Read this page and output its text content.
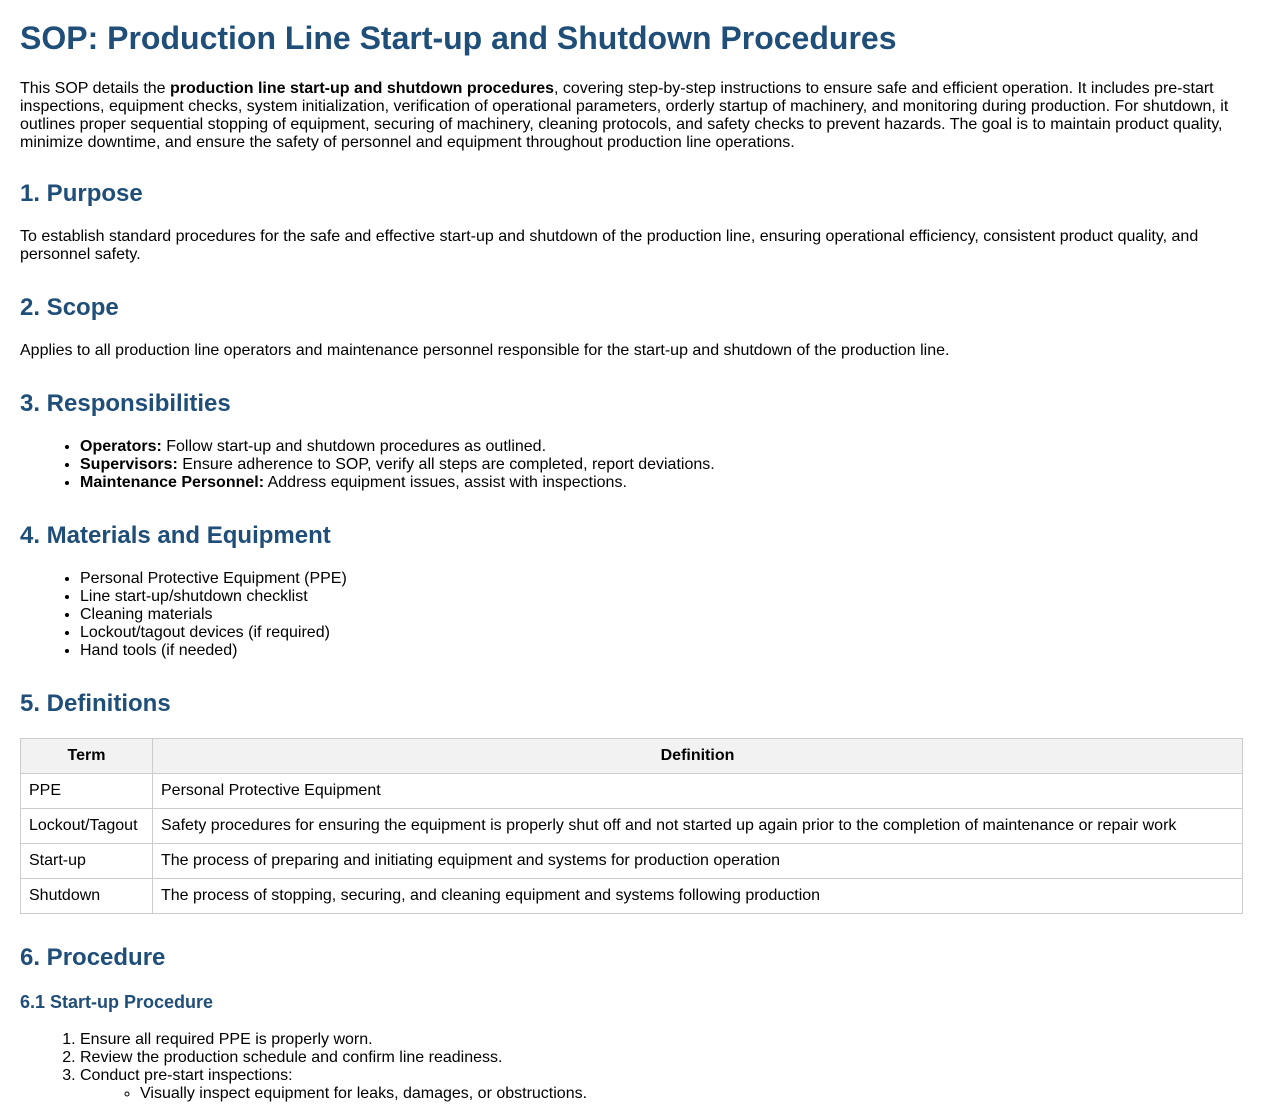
SOP: Production Line Start-up and Shutdown Procedures

This SOP details the production line start-up and shutdown procedures, covering step-by-step instructions to ensure safe and efficient operation. It includes pre-start inspections, equipment checks, system initialization, verification of operational parameters, orderly startup of machinery, and monitoring during production. For shutdown, it outlines proper sequential stopping of equipment, securing of machinery, cleaning protocols, and safety checks to prevent hazards. The goal is to maintain product quality, minimize downtime, and ensure the safety of personnel and equipment throughout production line operations.

1. Purpose

To establish standard procedures for the safe and effective start-up and shutdown of the production line, ensuring operational efficiency, consistent product quality, and personnel safety.

2. Scope

Applies to all production line operators and maintenance personnel responsible for the start-up and shutdown of the production line.

3. Responsibilities
• Operators: Follow start-up and shutdown procedures as outlined.
• Supervisors: Ensure adherence to SOP, verify all steps are completed, report deviations.
• Maintenance Personnel: Address equipment issues, assist with inspections.
4. Materials and Equipment
• Personal Protective Equipment (PPE)
• Line start-up/shutdown checklist
• Cleaning materials
• Lockout/tagout devices (if required)
• Hand tools (if needed)
5. Definitions
Term	Definition
PPE	Personal Protective Equipment
Lockout/Tagout	Safety procedures for ensuring the equipment is properly shut off and not started up again prior to the completion of maintenance or repair work
Start-up	The process of preparing and initiating equipment and systems for production operation
Shutdown	The process of stopping, securing, and cleaning equipment and systems following production
6. Procedure
6.1 Start-up Procedure
1. Ensure all required PPE is properly worn.
2. Review the production schedule and confirm line readiness.
3. Conduct pre-start inspections:
◦ Visually inspect equipment for leaks, damages, or obstructions.
